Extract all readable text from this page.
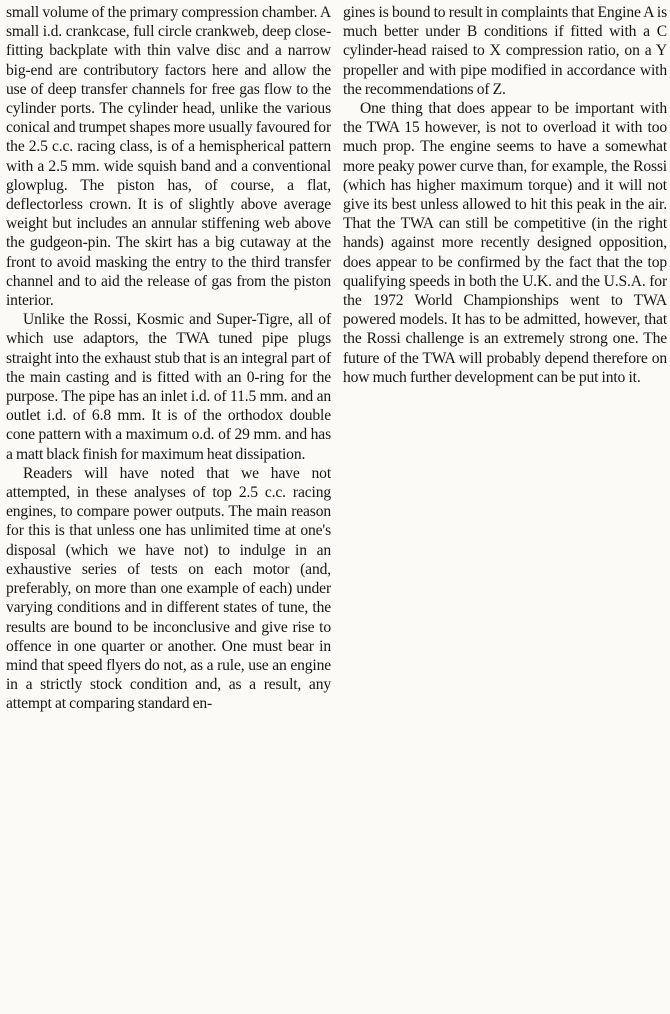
small volume of the primary compression chamber. A small i.d. crankcase, full circle crankweb, deep close-fitting backplate with thin valve disc and a narrow big-end are contributory factors here and allow the use of deep transfer channels for free gas flow to the cylinder ports. The cylinder head, unlike the various conical and trumpet shapes more usually favoured for the 2.5 c.c. racing class, is of a hemispherical pattern with a 2.5 mm. wide squish band and a conventional glowplug. The piston has, of course, a flat, deflectorless crown. It is of slightly above average weight but includes an annular stiffening web above the gudgeon-pin. The skirt has a big cutaway at the front to avoid masking the entry to the third transfer channel and to aid the release of gas from the piston interior.

Unlike the Rossi, Kosmic and Super-Tigre, all of which use adaptors, the TWA tuned pipe plugs straight into the exhaust stub that is an integral part of the main casting and is fitted with an 0-ring for the purpose. The pipe has an inlet i.d. of 11.5 mm. and an outlet i.d. of 6.8 mm. It is of the orthodox double cone pattern with a maximum o.d. of 29 mm. and has a matt black finish for maximum heat dissipation.

Readers will have noted that we have not attempted, in these analyses of top 2.5 c.c. racing engines, to compare power outputs. The main reason for this is that unless one has unlimited time at one's disposal (which we have not) to indulge in an exhaustive series of tests on each motor (and, preferably, on more than one example of each) under varying conditions and in different states of tune, the results are bound to be inconclusive and give rise to offence in one quarter or another. One must bear in mind that speed flyers do not, as a rule, use an engine in a strictly stock condition and, as a result, any attempt at comparing standard en-

gines is bound to result in complaints that Engine A is much better under B conditions if fitted with a C cylinder-head raised to X compression ratio, on a Y propeller and with pipe modified in accordance with the recommendations of Z.

One thing that does appear to be important with the TWA 15 however, is not to overload it with too much prop. The engine seems to have a somewhat more peaky power curve than, for example, the Rossi (which has higher maximum torque) and it will not give its best unless allowed to hit this peak in the air. That the TWA can still be competitive (in the right hands) against more recently designed opposition, does appear to be confirmed by the fact that the top qualifying speeds in both the U.K. and the U.S.A. for the 1972 World Championships went to TWA powered models. It has to be admitted, however, that the Rossi challenge is an extremely strong one. The future of the TWA will probably depend therefore on how much further development can be put into it.
